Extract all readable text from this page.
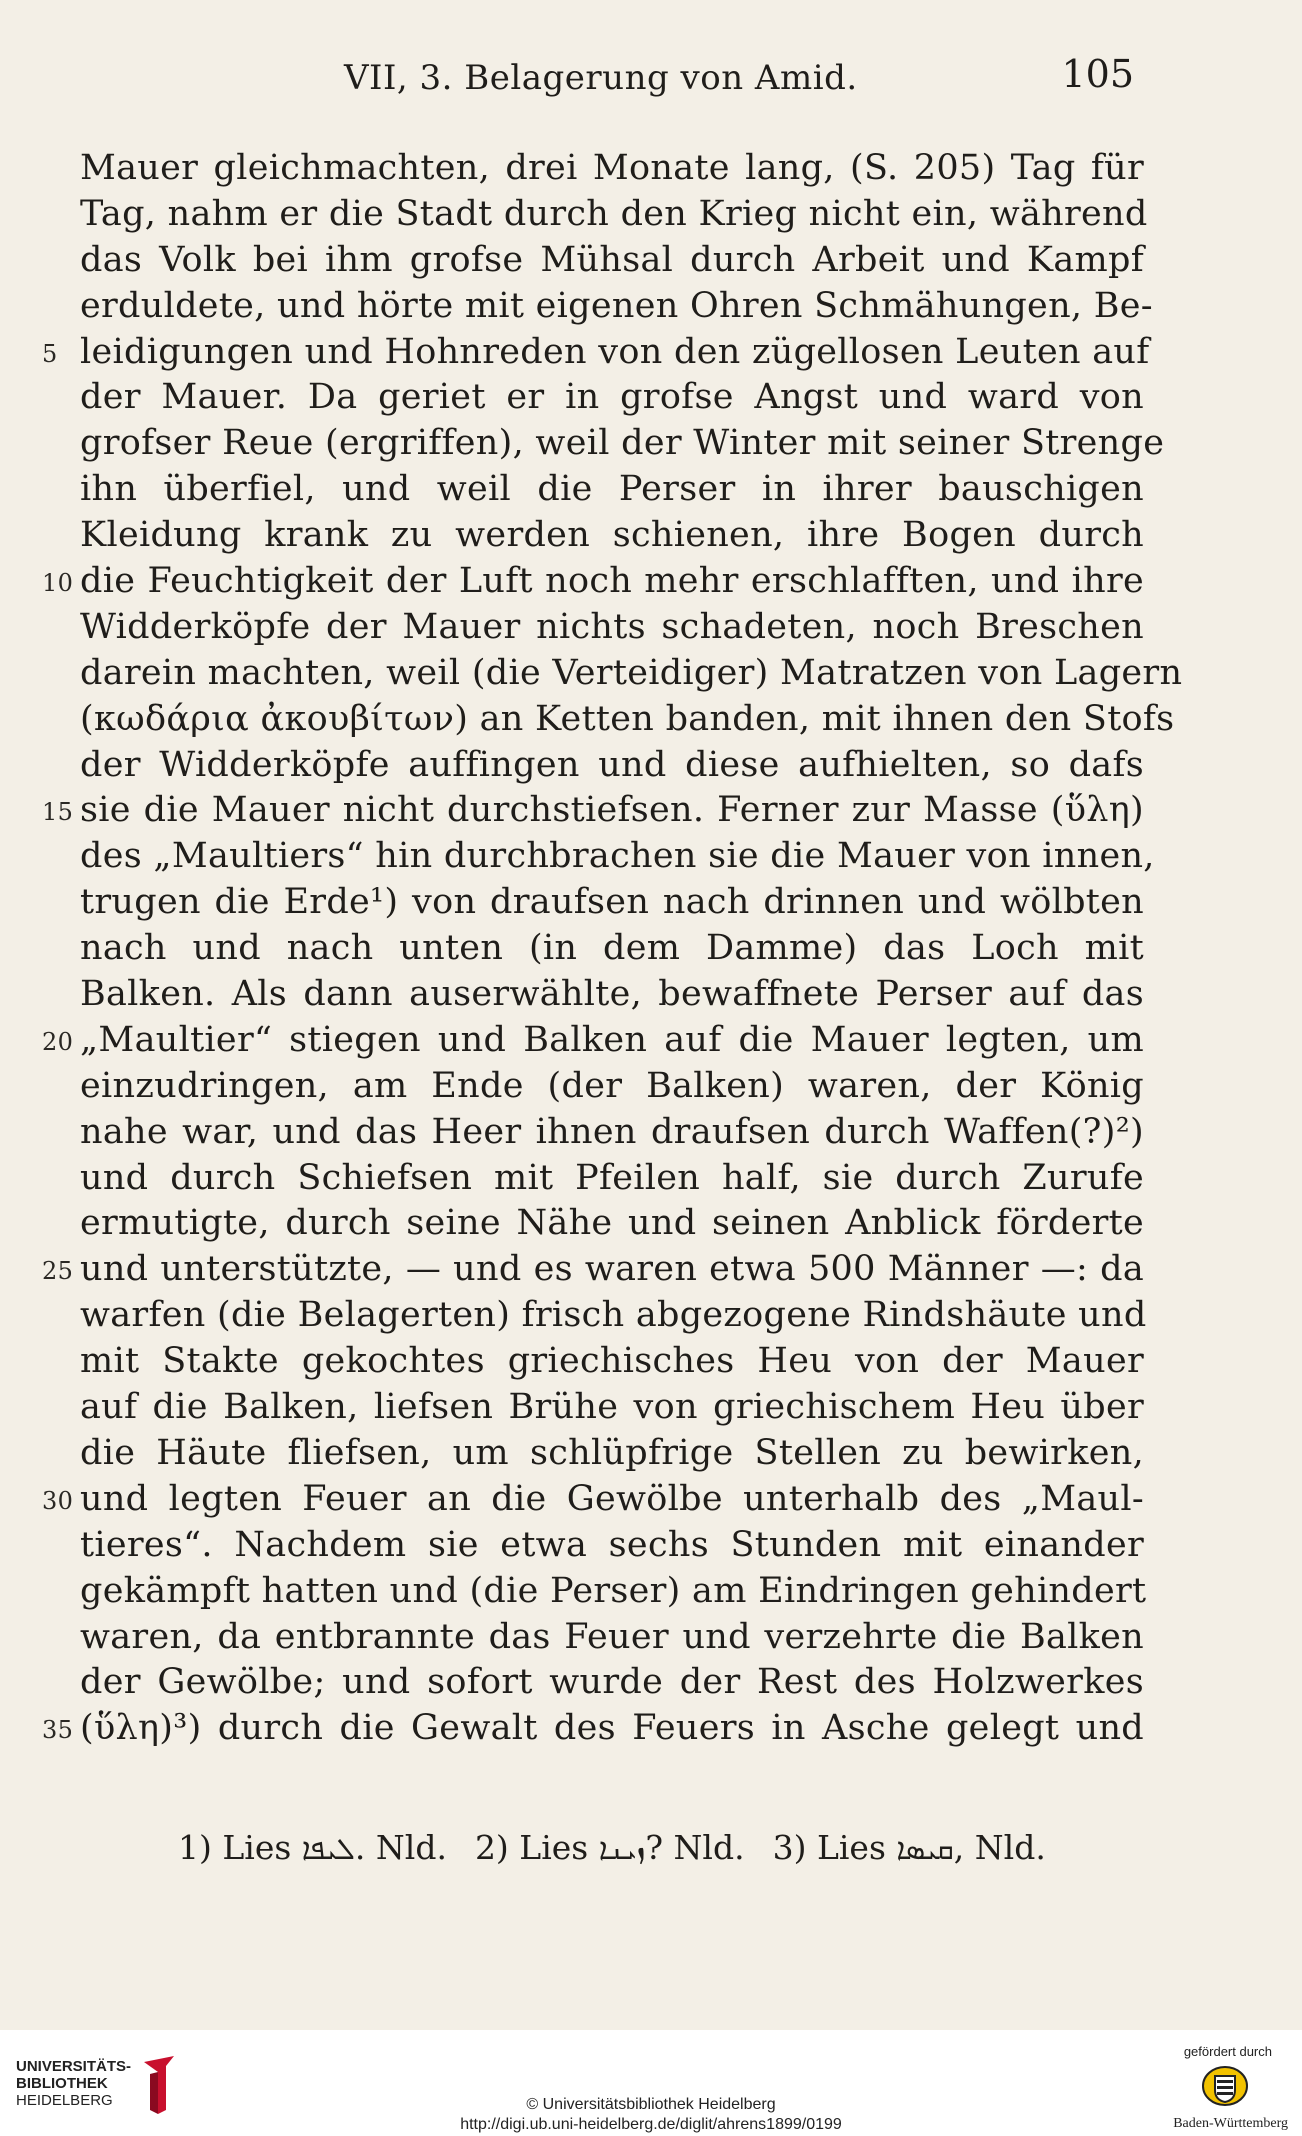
VII, 3. Belagerung von Amid.	105
Mauer gleichmachten, drei Monate lang, (S. 205) Tag für
Tag, nahm er die Stadt durch den Krieg nicht ein, während
das Volk bei ihm grofse Mühsal durch Arbeit und Kampf
erduldete, und hörte mit eigenen Ohren Schmähungen, Be-
5 leidigungen und Hohnreden von den zügellosen Leuten auf
der Mauer. Da geriet er in grofse Angst und ward von
grofser Reue (ergriffen), weil der Winter mit seiner Strenge
ihn überfiel, und weil die Perser in ihrer bauschigen
Kleidung krank zu werden schienen, ihre Bogen durch
10 die Feuchtigkeit der Luft noch mehr erschlafften, und ihre
Widderköpfe der Mauer nichts schadeten, noch Breschen
darein machten, weil (die Verteidiger) Matratzen von Lagern
(κωδάρια ἀκουβίτων) an Ketten banden, mit ihnen den Stofs
der Widderköpfe auffingen und diese aufhielten, so dafs
15 sie die Mauer nicht durchstiefsen. Ferner zur Masse (ὕλη)
des „Maultiers“ hin durchbrachen sie die Mauer von innen,
trugen die Erde¹) von draufsen nach drinnen und wölbten
nach und nach unten (in dem Damme) das Loch mit
Balken. Als dann auserwählte, bewaffnete Perser auf das
20 „Maultier“ stiegen und Balken auf die Mauer legten, um
einzudringen, am Ende (der Balken) waren, der König
nahe war, und das Heer ihnen draufsen durch Waffen(?)²)
und durch Schiefsen mit Pfeilen half, sie durch Zurufe
ermutigte, durch seine Nähe und seinen Anblick förderte
25 und unterstützte, — und es waren etwa 500 Männer —: da
warfen (die Belagerten) frisch abgezogene Rindshäute und
mit Stakte gekochtes griechisches Heu von der Mauer
auf die Balken, liefsen Brühe von griechischem Heu über
die Häute fliefsen, um schlüpfrige Stellen zu bewirken,
30 und legten Feuer an die Gewölbe unterhalb des „Maul-
tieres“. Nachdem sie etwa sechs Stunden mit einander
gekämpft hatten und (die Perser) am Eindringen gehindert
waren, da entbrannte das Feuer und verzehrte die Balken
der Gewölbe; und sofort wurde der Rest des Holzwerkes
35 (ὕλη)³) durch die Gewalt des Feuers in Asche gelegt und
1) Lies ܠܝܦܐ. Nld. 2) Lies ܙܝܢܐ? Nld. 3) Lies ܩܝܣܐ, Nld.
UNIVERSITÄTS-
BIBLIOTHEK
HEIDELBERG	© Universitätsbibliothek Heidelberg
http://digi.ub.uni-heidelberg.de/diglit/ahrens1899/0199
gefördert durch
Baden-Württemberg
